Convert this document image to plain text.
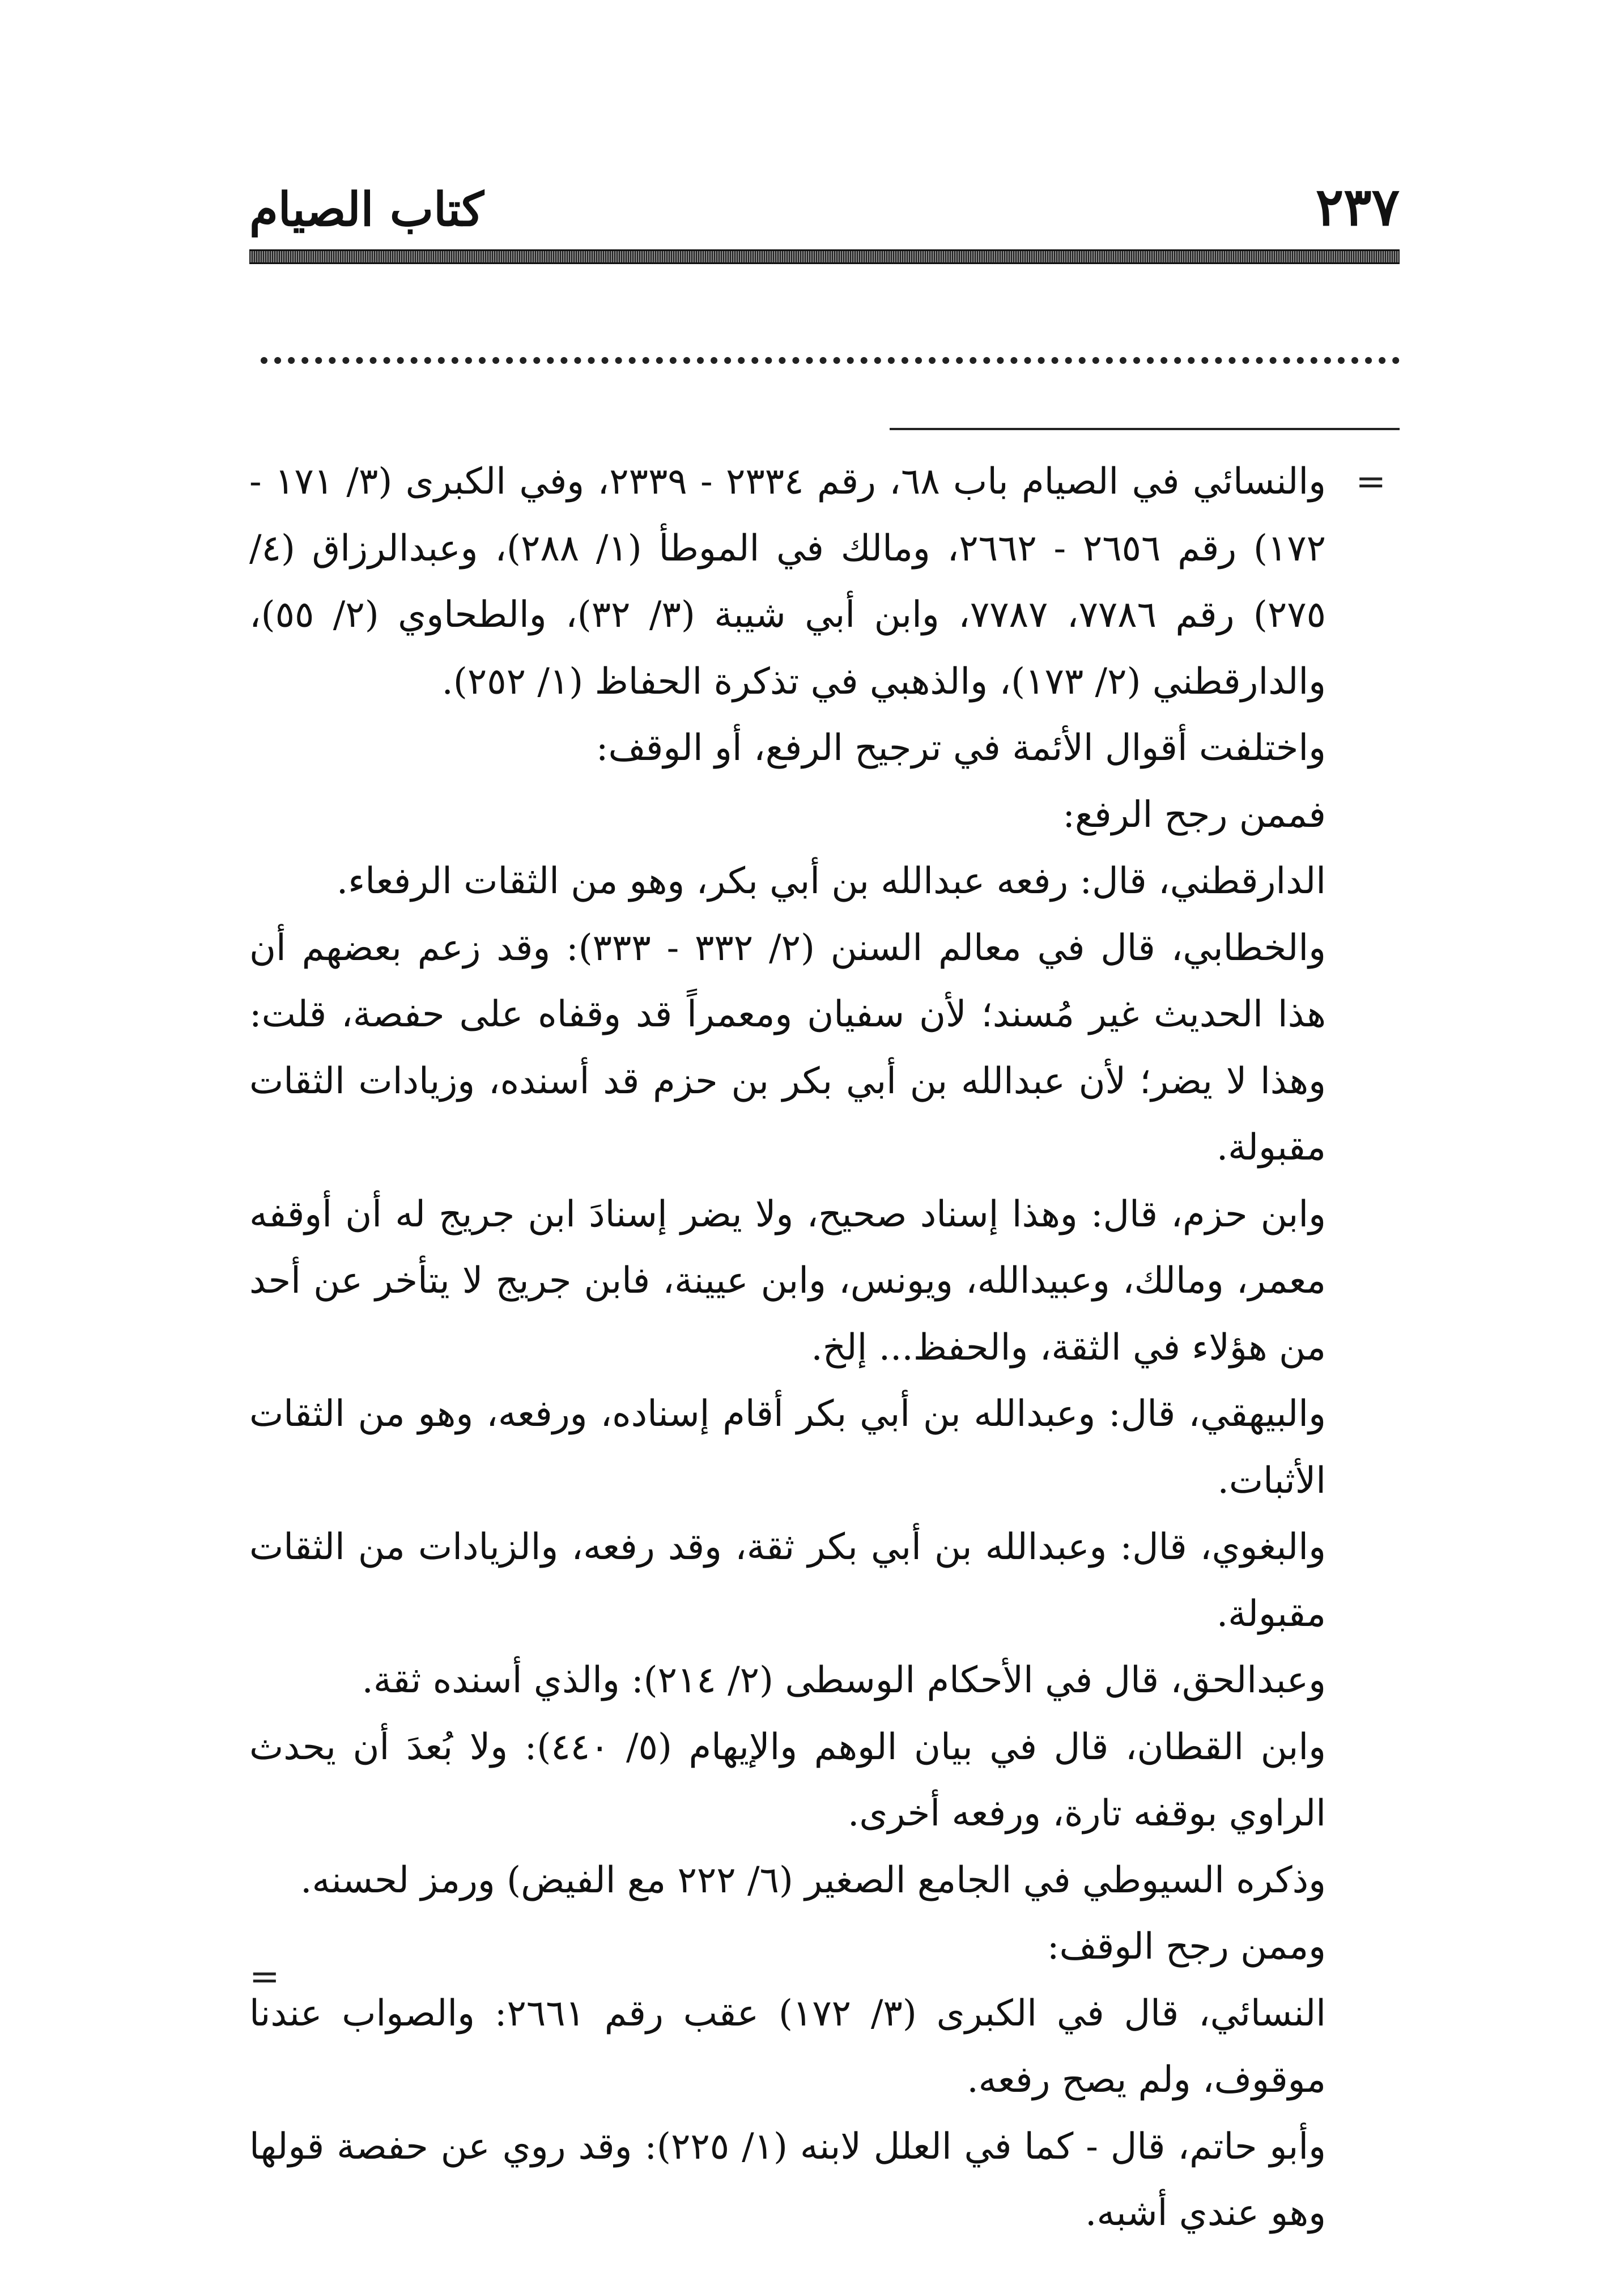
٢٣٧
كتاب الصيام
=

والنسائي في الصيام باب ٦٨، رقم ٢٣٣٤ - ٢٣٣٩، وفي الكبرى (٣/ ١٧١ - ١٧٢) رقم ٢٦٥٦ - ٢٦٦٢، ومالك في الموطأ (١/ ٢٨٨)، وعبدالرزاق (٤/ ٢٧٥) رقم ٧٧٨٦، ٧٧٨٧، وابن أبي شيبة (٣/ ٣٢)، والطحاوي (٢/ ٥٥)، والدارقطني (٢/ ١٧٣)، والذهبي في تذكرة الحفاظ (١/ ٢٥٢).

واختلفت أقوال الأئمة في ترجيح الرفع، أو الوقف:

فممن رجح الرفع:

الدارقطني، قال: رفعه عبدالله بن أبي بكر، وهو من الثقات الرفعاء.

والخطابي، قال في معالم السنن (٢/ ٣٣٢ - ٣٣٣): وقد زعم بعضهم أن هذا الحديث غير مُسند؛ لأن سفيان ومعمراً قد وقفاه على حفصة، قلت: وهذا لا يضر؛ لأن عبدالله بن أبي بكر بن حزم قد أسنده، وزيادات الثقات مقبولة.

وابن حزم، قال: وهذا إسناد صحيح، ولا يضر إسنادَ ابن جريج له أن أوقفه معمر، ومالك، وعبيدالله، ويونس، وابن عيينة، فابن جريج لا يتأخر عن أحد من هؤلاء في الثقة، والحفظ... إلخ.

والبيهقي، قال: وعبدالله بن أبي بكر أقام إسناده، ورفعه، وهو من الثقات الأثبات.

والبغوي، قال: وعبدالله بن أبي بكر ثقة، وقد رفعه، والزيادات من الثقات مقبولة.

وعبدالحق، قال في الأحكام الوسطى (٢/ ٢١٤): والذي أسنده ثقة.

وابن القطان، قال في بيان الوهم والإيهام (٥/ ٤٤٠): ولا بُعدَ أن يحدث الراوي بوقفه تارة، ورفعه أخرى.

وذكره السيوطي في الجامع الصغير (٦/ ٢٢٢ مع الفيض) ورمز لحسنه.

وممن رجح الوقف:

النسائي، قال في الكبرى (٣/ ١٧٢) عقب رقم ٢٦٦١: والصواب عندنا موقوف، ولم يصح رفعه.

وأبو حاتم، قال - كما في العلل لابنه (١/ ٢٢٥): وقد روي عن حفصة قولها وهو عندي أشبه.

=
